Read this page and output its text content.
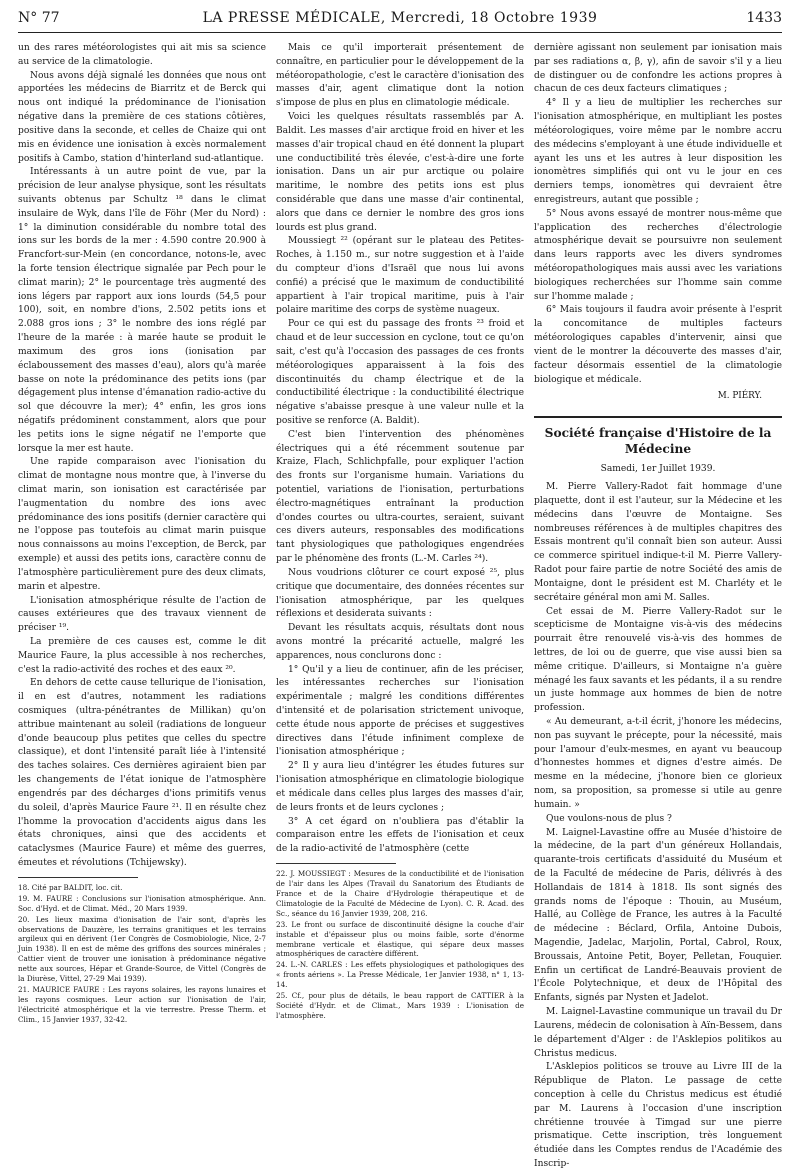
N° 77	LA PRESSE MÉDICALE, Mercredi, 18 Octobre 1939	1433

un des rares météorologistes qui ait mis sa science au service de la climatologie.

Nous avons déjà signalé les données que nous ont apportées les médecins de Biarritz et de Berck qui nous ont indiqué la prédominance de l'ionisation négative dans la première de ces stations côtières, positive dans la seconde, et celles de Chaize qui ont mis en évidence une ionisation à excès normalement positifs à Cambo, station d'hinterland sud-atlantique.

Intéressants à un autre point de vue, par la précision de leur analyse physique, sont les résultats suivants obtenus par Schultz ¹⁸ dans le climat insulaire de Wyk, dans l'île de Föhr (Mer du Nord) : 1° la diminution considérable du nombre total des ions sur les bords de la mer : 4.590 contre 20.900 à Francfort-sur-Mein (en concordance, notons-le, avec la forte tension électrique signalée par Pech pour le climat marin); 2° le pourcentage très augmenté des ions légers par rapport aux ions lourds (54,5 pour 100), soit, en nombre d'ions, 2.502 petits ions et 2.088 gros ions ; 3° le nombre des ions réglé par l'heure de la marée : à marée haute se produit le maximum des gros ions (ionisation par éclaboussement des masses d'eau), alors qu'à marée basse on note la prédominance des petits ions (par dégagement plus intense d'émanation radio-active du sol que découvre la mer); 4° enfin, les gros ions négatifs prédominent constamment, alors que pour les petits ions le signe négatif ne l'emporte que lorsque la mer est haute.

Une rapide comparaison avec l'ionisation du climat de montagne nous montre que, à l'inverse du climat marin, son ionisation est caractérisée par l'augmentation du nombre des ions avec prédominance des ions positifs (dernier caractère qui ne l'oppose pas toutefois au climat marin puisque nous connaissons au moins l'exception, de Berck, par exemple) et aussi des petits ions, caractère connu de l'atmosphère particulièrement pure des deux climats, marin et alpestre.

L'ionisation atmosphérique résulte de l'action de causes extérieures que des travaux viennent de préciser ¹⁹.

La première de ces causes est, comme le dit Maurice Faure, la plus accessible à nos recherches, c'est la radio-activité des roches et des eaux ²⁰.

En dehors de cette cause tellurique de l'ionisation, il en est d'autres, notamment les radiations cosmiques (ultra-pénétrantes de Millikan) qu'on attribue maintenant au soleil (radiations de longueur d'onde beaucoup plus petites que celles du spectre classique), et dont l'intensité paraît liée à l'intensité des taches solaires. Ces dernières agiraient bien par les changements de l'état ionique de l'atmosphère engendrés par des décharges d'ions primitifs venus du soleil, d'après Maurice Faure ²¹. Il en résulte chez l'homme la provocation d'accidents aigus dans les états chroniques, ainsi que des accidents et cataclysmes (Maurice Faure) et même des guerres, émeutes et révolutions (Tchijewsky).

18. Cité par BALDIT, loc. cit.

19. M. FAURE : Conclusions sur l'ionisation atmosphérique. Ann. Soc. d'Hyd. et de Climat. Méd., 20 Mars 1939.

20. Les lieux maxima d'ionisation de l'air sont, d'après les observations de Dauzère, les terrains granitiques et les terrains argileux qui en dérivent (1er Congrès de Cosmobiologie, Nice, 2-7 Juin 1938). Il en est de même des griffons des sources minérales ; Cattier vient de trouver une ionisation à prédominance négative nette aux sources, Hépar et Grande-Source, de Vittel (Congrès de la Diurèse, Vittel, 27-29 Mai 1939).

21. MAURICE FAURE : Les rayons solaires, les rayons lunaires et les rayons cosmiques. Leur action sur l'ionisation de l'air, l'électricité atmosphérique et la vie terrestre. Presse Therm. et Clim., 15 Janvier 1937, 32-42.

Mais ce qu'il importerait présentement de connaître, en particulier pour le développement de la météoropathologie, c'est le caractère d'ionisation des masses d'air, agent climatique dont la notion s'impose de plus en plus en climatologie médicale.

Voici les quelques résultats rassemblés par A. Baldit. Les masses d'air arctique froid en hiver et les masses d'air tropical chaud en été donnent la plupart une conductibilité très élevée, c'est-à-dire une forte ionisation. Dans un air pur arctique ou polaire maritime, le nombre des petits ions est plus considérable que dans une masse d'air continental, alors que dans ce dernier le nombre des gros ions lourds est plus grand.

Moussiegt ²² (opérant sur le plateau des Petites-Roches, à 1.150 m., sur notre suggestion et à l'aide du compteur d'ions d'Israël que nous lui avons confié) a précisé que le maximum de conductibilité appartient à l'air tropical maritime, puis à l'air polaire maritime des corps de système nuageux.

Pour ce qui est du passage des fronts ²³ froid et chaud et de leur succession en cyclone, tout ce qu'on sait, c'est qu'à l'occasion des passages de ces fronts météorologiques apparaissent à la fois des discontinuités du champ électrique et de la conductibilité électrique : la conductibilité électrique négative s'abaisse presque à une valeur nulle et la positive se renforce (A. Baldit).

C'est bien l'intervention des phénomènes électriques qui a été récemment soutenue par Kraize, Flach, Schlichpfalle, pour expliquer l'action des fronts sur l'organisme humain. Variations du potentiel, variations de l'ionisation, perturbations électro-magnétiques entraînant la production d'ondes courtes ou ultra-courtes, seraient, suivant ces divers auteurs, responsables des modifications tant physiologiques que pathologiques engendrées par le phénomène des fronts (L.-M. Carles ²⁴).

Nous voudrions clôturer ce court exposé ²⁵, plus critique que documentaire, des données récentes sur l'ionisation atmosphérique, par les quelques réflexions et desiderata suivants :

Devant les résultats acquis, résultats dont nous avons montré la précarité actuelle, malgré les apparences, nous conclurons donc :

1° Qu'il y a lieu de continuer, afin de les préciser, les intéressantes recherches sur l'ionisation expérimentale ; malgré les conditions différentes d'intensité et de polarisation strictement univoque, cette étude nous apporte de précises et suggestives directives dans l'étude infiniment complexe de l'ionisation atmosphérique ;

2° Il y aura lieu d'intégrer les études futures sur l'ionisation atmosphérique en climatologie biologique et médicale dans celles plus larges des masses d'air, de leurs fronts et de leurs cyclones ;

3° A cet égard on n'oubliera pas d'établir la comparaison entre les effets de l'ionisation et ceux de la radio-activité de l'atmosphère (cette

22. J. MOUSSIEGT : Mesures de la conductibilité et de l'ionisation de l'air dans les Alpes (Travail du Sanatorium des Étudiants de France et de la Chaire d'Hydrologie thérapeutique et de Climatologie de la Faculté de Médecine de Lyon). C. R. Acad. des Sc., séance du 16 Janvier 1939, 208, 216.

23. Le front ou surface de discontinuité désigne la couche d'air instable et d'épaisseur plus ou moins faible, sorte d'énorme membrane verticale et élastique, qui sépare deux masses atmosphériques de caractère différent.

24. L.-N. CARLES : Les effets physiologiques et pathologiques des « fronts aériens ». La Presse Médicale, 1er Janvier 1938, n° 1, 13-14.

25. Cf., pour plus de détails, le beau rapport de CATTIER à la Société d'Hydr. et de Climat., Mars 1939 : L'ionisation de l'atmosphère.

dernière agissant non seulement par ionisation mais par ses radiations α, β, γ), afin de savoir s'il y a lieu de distinguer ou de confondre les actions propres à chacun de ces deux facteurs climatiques ;

4° Il y a lieu de multiplier les recherches sur l'ionisation atmosphérique, en multipliant les postes météorologiques, voire même par le nombre accru des médecins s'employant à une étude individuelle et ayant les uns et les autres à leur disposition les ionomètres simplifiés qui ont vu le jour en ces derniers temps, ionomètres qui devraient être enregistreurs, autant que possible ;

5° Nous avons essayé de montrer nous-même que l'application des recherches d'électrologie atmosphérique devait se poursuivre non seulement dans leurs rapports avec les divers syndromes météoropathologiques mais aussi avec les variations biologiques recherchées sur l'homme sain comme sur l'homme malade ;

6° Mais toujours il faudra avoir présente à l'esprit la concomitance de multiples facteurs météorologiques capables d'intervenir, ainsi que vient de le montrer la découverte des masses d'air, facteur désormais essentiel de la climatologie biologique et médicale.

M. PIÉRY.
Société française d'Histoire de la Médecine
Samedi, 1er Juillet 1939.

M. Pierre Vallery-Radot fait hommage d'une plaquette, dont il est l'auteur, sur la Médecine et les médecins dans l'œuvre de Montaigne. Ses nombreuses références à de multiples chapitres des Essais montrent qu'il connaît bien son auteur. Aussi ce commerce spirituel indique-t-il M. Pierre Vallery-Radot pour faire partie de notre Société des amis de Montaigne, dont le président est M. Charléty et le secrétaire général mon ami M. Salles.

Cet essai de M. Pierre Vallery-Radot sur le scepticisme de Montaigne vis-à-vis des médecins pourrait être renouvelé vis-à-vis des hommes de lettres, de loi ou de guerre, que vise aussi bien sa même critique. D'ailleurs, si Montaigne n'a guère ménagé les faux savants et les pédants, il a su rendre un juste hommage aux hommes de bien de notre profession.

« Au demeurant, a-t-il écrit, j'honore les médecins, non pas suyvant le précepte, pour la nécessité, mais pour l'amour d'eulx-mesmes, en ayant vu beaucoup d'honnestes hommes et dignes d'estre aimés. De mesme en la médecine, j'honore bien ce glorieux nom, sa proposition, sa promesse si utile au genre humain. »

Que voulons-nous de plus ?

M. Laignel-Lavastine offre au Musée d'histoire de la médecine, de la part d'un généreux Hollandais, quarante-trois certificats d'assiduité du Muséum et de la Faculté de médecine de Paris, délivrés à des Hollandais de 1814 à 1818. Ils sont signés des grands noms de l'époque : Thouin, au Muséum, Hallé, au Collège de France, les autres à la Faculté de médecine : Béclard, Orfila, Antoine Dubois, Magendie, Jadelac, Marjolin, Portal, Cabrol, Roux, Broussais, Antoine Petit, Boyer, Pelletan, Fouquier. Enfin un certificat de Landré-Beauvais provient de l'École Polytechnique, et deux de l'Hôpital des Enfants, signés par Nysten et Jadelot.

M. Laignel-Lavastine communique un travail du Dr Laurens, médecin de colonisation à Aïn-Bessem, dans le département d'Alger : de l'Asklepios politikos au Christus medicus.

L'Asklepios politicos se trouve au Livre III de la République de Platon. Le passage de cette conception à celle du Christus medicus est étudié par M. Laurens à l'occasion d'une inscription chrétienne trouvée à Timgad sur une pierre prismatique. Cette inscription, très longuement étudiée dans les Comptes rendus de l'Académie des Inscrip-
